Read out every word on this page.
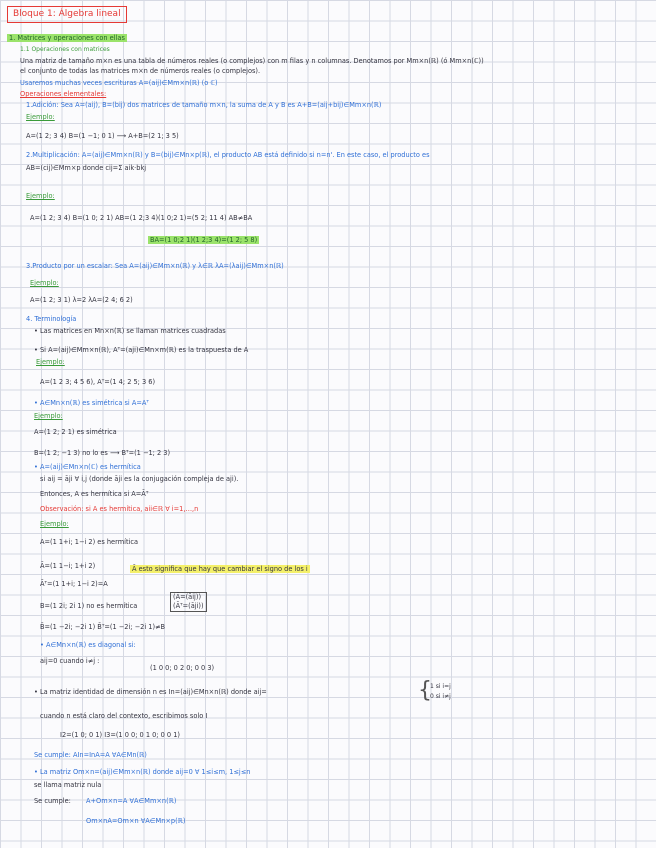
Bloque 1: Álgebra lineal
1. Matrices y operaciones con ellas
1.1 Operaciones con matrices
Una matriz de tamaño m×n es una tabla de números reales (o complejos) con m filas y n columnas. Denotamos por Mm×n(ℝ) (ó Mm×n(ℂ))
el conjunto de todas las matrices m×n de números reales (o complejos).
Usaremos muchas veces escrituras A=(aij)∈Mm×n(ℝ) (o ℂ)
Operaciones elementales:
1.Adición: Sea A=(aij), B=(bij) dos matrices de tamaño m×n, la suma de A y B es A+B=(aij+bij)∈Mm×n(ℝ)
Ejemplo:
A=(1 2; 3 4) B=(1 −1; 0 1) ⟶ A+B=(2 1; 3 5)
2.Multiplicación: A=(aij)∈Mm×n(ℝ) y B=(bij)∈Mn×p(ℝ), el producto AB está definido si n=n'. En este caso, el producto es
AB=(cij)∈Mm×p donde cij=Σ aik·bkj
Ejemplo:
A=(1 2; 3 4) B=(1 0; 2 1) AB=(1 2;3 4)(1 0;2 1)=(5 2; 11 4) AB≠BA
BA=(1 0;2 1)(1 2;3 4)=(1 2; 5 8)
3.Producto por un escalar: Sea A=(aij)∈Mm×n(ℝ) y λ∈ℝ λA=(λaij)∈Mm×n(ℝ)
Ejemplo:
A=(1 2; 3 1) λ=2 λA=(2 4; 6 2)
4. Terminología
• Las matrices en Mn×n(ℝ) se llaman matrices cuadradas
• Si A=(aij)∈Mm×n(ℝ), Aᵀ=(aji)∈Mn×m(ℝ) es la traspuesta de A
Ejemplo:
A=(1 2 3; 4 5 6), Aᵀ=(1 4; 2 5; 3 6)
• A∈Mn×n(ℝ) es simétrica si A=Aᵀ
Ejemplo:
A=(1 2; 2 1) es simétrica
B=(1 2; −1 3) no lo es ⟶ Bᵀ=(1 −1; 2 3)
• A=(aij)∈Mn×n(ℂ) es hermítica
si aij = āji ∀ i,j (donde āji es la conjugación compleja de aji).
Entonces, A es hermítica si A=Āᵀ
Observación: si A es hermítica, aii∈ℝ ∀ i=1,…,n
Ejemplo:
A=(1 1+i; 1−i 2) es hermítica
Ā=(1 1−i; 1+i 2)	Ā esto significa que hay que cambiar el signo de los i
Āᵀ=(1 1+i; 1−i 2)=A
B=(1 2i; 2i 1) no es hermítica
(Ā=(āij))
(Āᵀ=(āji))
B̄=(1 −2i; −2i 1) B̄ᵀ=(1 −2i; −2i 1)≠B
• A∈Mn×n(ℝ) es diagonal si:
aij=0 cuando i≠j :
(1 0 0; 0 2 0; 0 0 3)
• La matriz identidad de dimensión n es In=(aij)∈Mn×n(ℝ) donde aij=	{
1 si i=j
0 si i≠j
cuando n está claro del contexto, escribimos solo I
I2=(1 0; 0 1) I3=(1 0 0; 0 1 0; 0 0 1)
Se cumple: AIn=InA=A ∀A∈Mn(ℝ)
• La matriz Om×n=(aij)∈Mm×n(ℝ) donde aij=0 ∀ 1≤i≤m, 1≤j≤n
se llama matriz nula
Se cumple: A+Om×n=A ∀A∈Mm×n(ℝ)
Om×nA=Om×n ∀A∈Mn×p(ℝ)
